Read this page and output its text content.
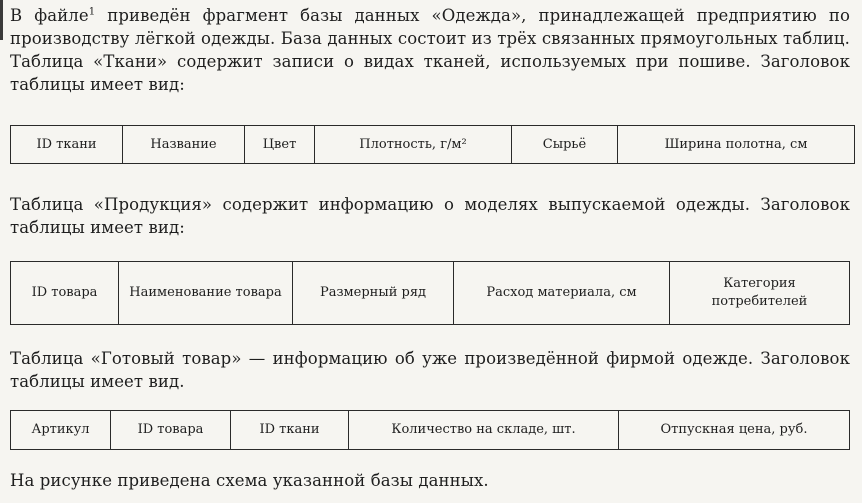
В файле$^1$ приведён фрагмент базы данных «Одежда», принадлежащей предприятию по производству лёгкой одежды. База данных состоит из трёх связанных прямоугольных таблиц. Таблица «Ткани» содержит записи о видах тканей, используемых при пошиве. Заголовок таблицы имеет вид:

ID ткани	Название	Цвет	Плотность, г/м²	Сырьё	Ширина полотна, см

Таблица «Продукция» содержит информацию о моделях выпускаемой одежды. Заголовок таблицы имеет вид:

ID товара	Наименование товара	Размерный ряд	Расход материала, см	Категория потребителей

Таблица «Готовый товар» — информацию об уже произведённой фирмой одежде. Заголовок таблицы имеет вид.

Артикул	ID товара	ID ткани	Количество на складе, шт.	Отпускная цена, руб.

На рисунке приведена схема указанной базы данных.
